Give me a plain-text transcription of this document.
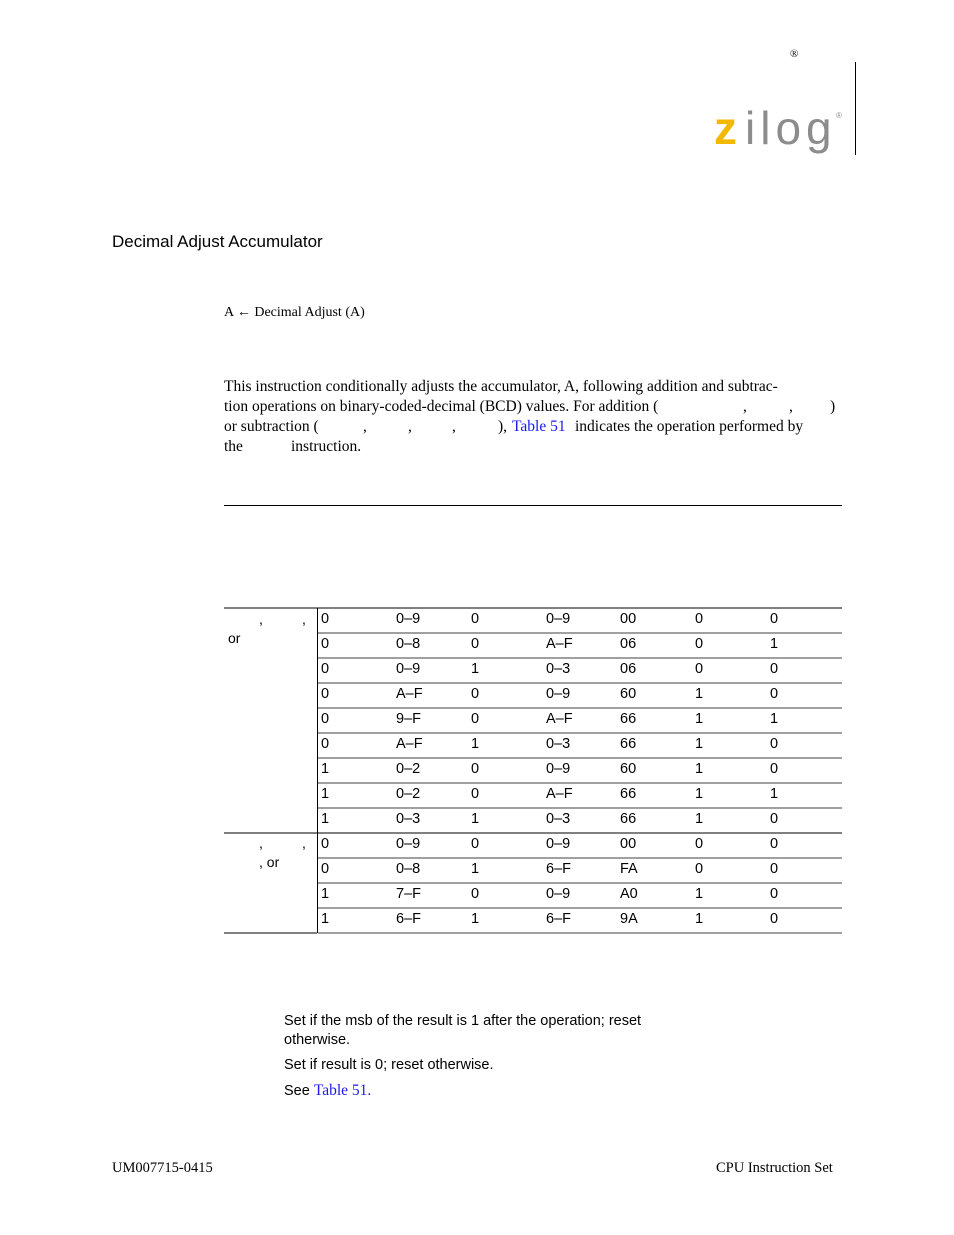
®
z ilog ®
Decimal Adjust Accumulator
A ← Decimal Adjust (A)
This instruction conditionally adjusts the accumulator, A, following addition and subtrac-
tion operations on binary-coded-decimal (BCD) values. For addition (	,	, )
or subtraction (	,	,	,	), Table 51 indicates the operation performed by
the	instruction.
,	,
or
,	,
, or
0	0–9	0	0–9	00	0	0
0	0–8	0	A–F	06	0	1
0	0–9	1	0–3	06	0	0
0	A–F	0	0–9	60	1	0
0	9–F	0	A–F	66	1	1
0	A–F	1	0–3	66	1	0
1	0–2	0	0–9	60	1	0
1	0–2	0	A–F	66	1	1
1	0–3	1	0–3	66	1	0
0	0–9	0	0–9	00	0	0
0	0–8	1	6–F	FA	0	0
1	7–F	0	0–9	A0	1	0
1	6–F	1	6–F	9A	1	0
Set if the msb of the result is 1 after the operation; reset
otherwise.
Set if result is 0; reset otherwise.
See Table 51.
UM007715-0415	CPU Instruction Set
